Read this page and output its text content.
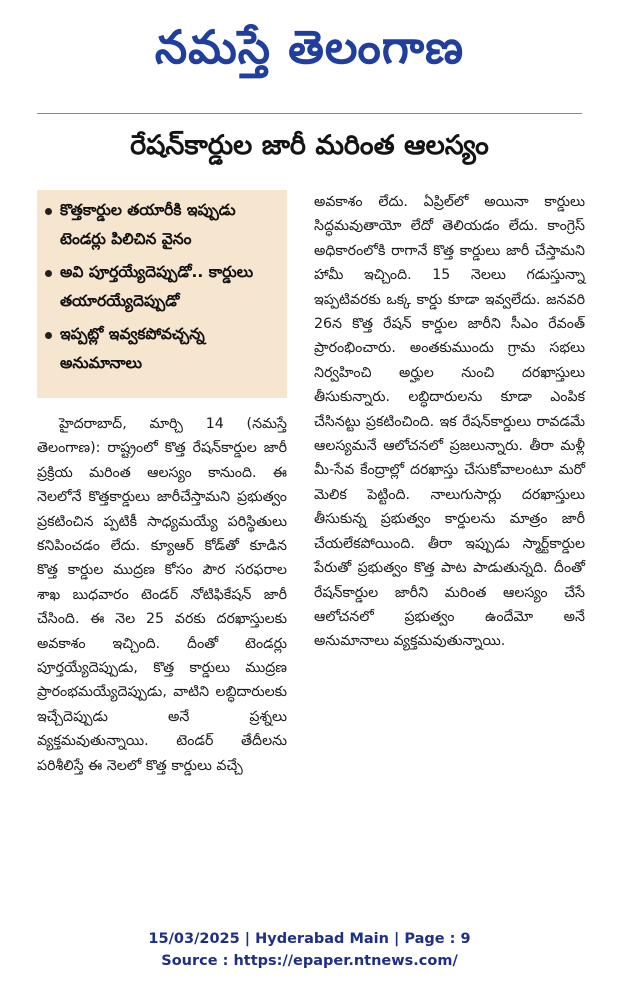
నమస్తే తెలంగాణ
రేషన్‌కార్డుల జారీ మరింత ఆలస్యం
కొత్తకార్డుల తయారీకి ఇప్పుడు టెండర్లు పిలిచిన వైనం
అవి పూర్తయ్యేదెప్పుడో.. కార్డులు తయారయ్యేదెప్పుడో
ఇప్పట్లో ఇవ్వకపోవచ్చన్న అనుమానాలు
హైదరాబాద్‌, మార్చి 14 (నమస్తే తెలంగాణ): రాష్ట్రంలో కొత్త రేషన్‌కార్డుల జారీ ప్రక్రియ మరింత ఆలస్యం కానుంది. ఈ నెలలోనే కొత్తకార్డులు జారీచేస్తామని ప్రభుత్వం ప్రకటించిన ప్పటికీ సాధ్యమయ్యే పరిస్థితులు కనిపించడం లేదు. క్యూఆర్‌ కోడ్‌తో కూడిన కొత్త కార్డుల ముద్రణ కోసం పౌర సరఫరాల శాఖ బుధవారం టెండర్‌ నోటిఫికేషన్‌ జారీ చేసింది. ఈ నెల 25 వరకు దరఖాస్తులకు అవకాశం ఇచ్చింది. దీంతో టెండర్లు పూర్తయ్యేదెప్పుడు, కొత్త కార్డులు ముద్రణ ప్రారంభమయ్యేదెప్పుడు, వాటిని లబ్ధిదారులకు ఇచ్చేదెప్పుడు అనే ప్రశ్నలు వ్యక్తమవుతున్నాయి. టెండర్‌ తేదీలను పరిశీలిస్తే ఈ నెలలో కొత్త కార్డులు వచ్చే
అవకాశం లేదు. ఏప్రిల్‌లో అయినా కార్డులు సిద్ధమవుతాయో లేదో తెలియడం లేదు. కాంగ్రెస్‌ అధికారంలోకి రాగానే కొత్త కార్డులు జారీ చేస్తామని హామీ ఇచ్చింది. 15 నెలలు గడుస్తున్నా ఇప్పటివరకు ఒక్క కార్డు కూడా ఇవ్వలేదు. జనవరి 26న కొత్త రేషన్‌ కార్డుల జారీని సీఎం రేవంత్‌ ప్రారంభించారు. అంతకుముందు గ్రామ సభలు నిర్వహించి అర్హుల నుంచి దరఖాస్తులు తీసుకున్నారు. లబ్ధిదారులను కూడా ఎంపిక చేసినట్టు ప్రకటించింది. ఇక రేషన్‌కార్డులు రావడమే ఆలస్యమనే ఆలోచనలో ప్రజలున్నారు. తీరా మళ్లీ మీ-సేవ కేంద్రాల్లో దరఖాస్తు చేసుకోవాలంటూ మరో మెలిక పెట్టింది. నాలుగుసార్లు దరఖాస్తులు తీసుకున్న ప్రభుత్వం కార్డులను మాత్రం జారీ చేయలేకపోయింది. తీరా ఇప్పుడు స్మార్ట్‌కార్డుల పేరుతో ప్రభుత్వం కొత్త పాట పాడుతున్నది. దీంతో రేషన్‌కార్డుల జారీని మరింత ఆలస్యం చేసే ఆలోచనలో ప్రభుత్వం ఉందేమో అనే అనుమానాలు వ్యక్తమవుతున్నాయి.
15/03/2025 | Hyderabad Main | Page : 9
Source : https://epaper.ntnews.com/
